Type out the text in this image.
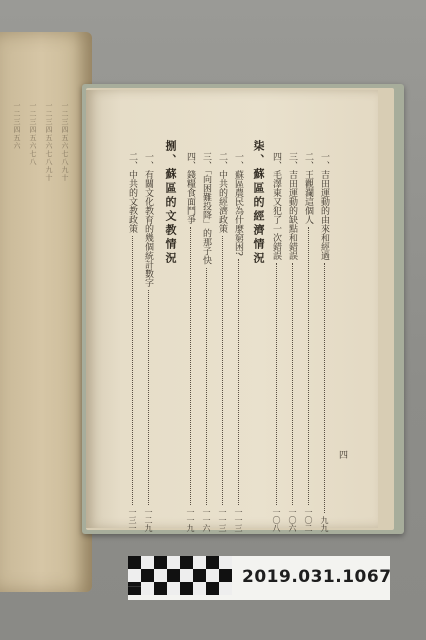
一二三四五六七八九十
一二三四五六七八九十
一二三四五六七八
一二三四五六
一、吉田運動的由來和經過
九九
二、王觀瀾這個人
一〇二
三、吉田運動的缺點和錯誤
一〇六
四、毛澤東又犯了一次錯誤
一〇八
柒、蘇區的經濟情況
一、蘇區農民為什麼窮困?
一一三
二、中共的經濟政策
一一三
三、「向困難投降」的那子快
一一六
四、錢糧食面鬥爭
一一九
捌、蘇區的文教情況
一、有關文化教育的幾個統計數字
一二九
二、中共的文教政策
一三一
四
2019.031.1067
